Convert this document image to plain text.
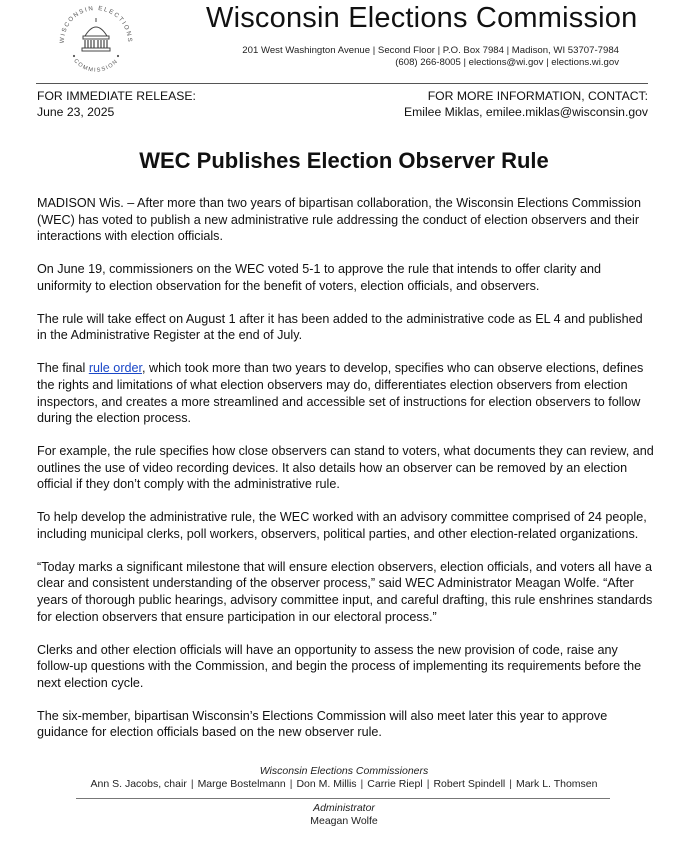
WISCONSIN ELECTIONS
COMMISSION
Wisconsin Elections Commission
201 West Washington Avenue | Second Floor | P.O. Box 7984 | Madison, WI 53707-7984
(608) 266-8005 | elections@wi.gov | elections.wi.gov
FOR IMMEDIATE RELEASE:
June 23, 2025
FOR MORE INFORMATION, CONTACT:
Emilee Miklas, emilee.miklas@wisconsin.gov
WEC Publishes Election Observer Rule

MADISON Wis. – After more than two years of bipartisan collaboration, the Wisconsin Elections Commission (WEC) has voted to publish a new administrative rule addressing the conduct of election observers and their interactions with election officials.

On June 19, commissioners on the WEC voted 5-1 to approve the rule that intends to offer clarity and uniformity to election observation for the benefit of voters, election officials, and observers.

The rule will take effect on August 1 after it has been added to the administrative code as EL 4 and published in the Administrative Register at the end of July.

The final rule order, which took more than two years to develop, specifies who can observe elections, defines the rights and limitations of what election observers may do, differentiates election observers from election inspectors, and creates a more streamlined and accessible set of instructions for election observers to follow during the election process.

For example, the rule specifies how close observers can stand to voters, what documents they can review, and outlines the use of video recording devices. It also details how an observer can be removed by an election official if they don’t comply with the administrative rule.

To help develop the administrative rule, the WEC worked with an advisory committee comprised of 24 people, including municipal clerks, poll workers, observers, political parties, and other election-related organizations.

“Today marks a significant milestone that will ensure election observers, election officials, and voters all have a clear and consistent understanding of the observer process,” said WEC Administrator Meagan Wolfe. “After years of thorough public hearings, advisory committee input, and careful drafting, this rule enshrines standards for election observers that ensure participation in our electoral process.”

Clerks and other election officials will have an opportunity to assess the new provision of code, raise any follow-up questions with the Commission, and begin the process of implementing its requirements before the next election cycle.

The six-member, bipartisan Wisconsin’s Elections Commission will also meet later this year to approve guidance for election officials based on the new observer rule.

Wisconsin Elections Commissioners
Ann S. Jacobs, chair | Marge Bostelmann | Don M. Millis | Carrie Riepl | Robert Spindell | Mark L. Thomsen
Administrator
Meagan Wolfe
